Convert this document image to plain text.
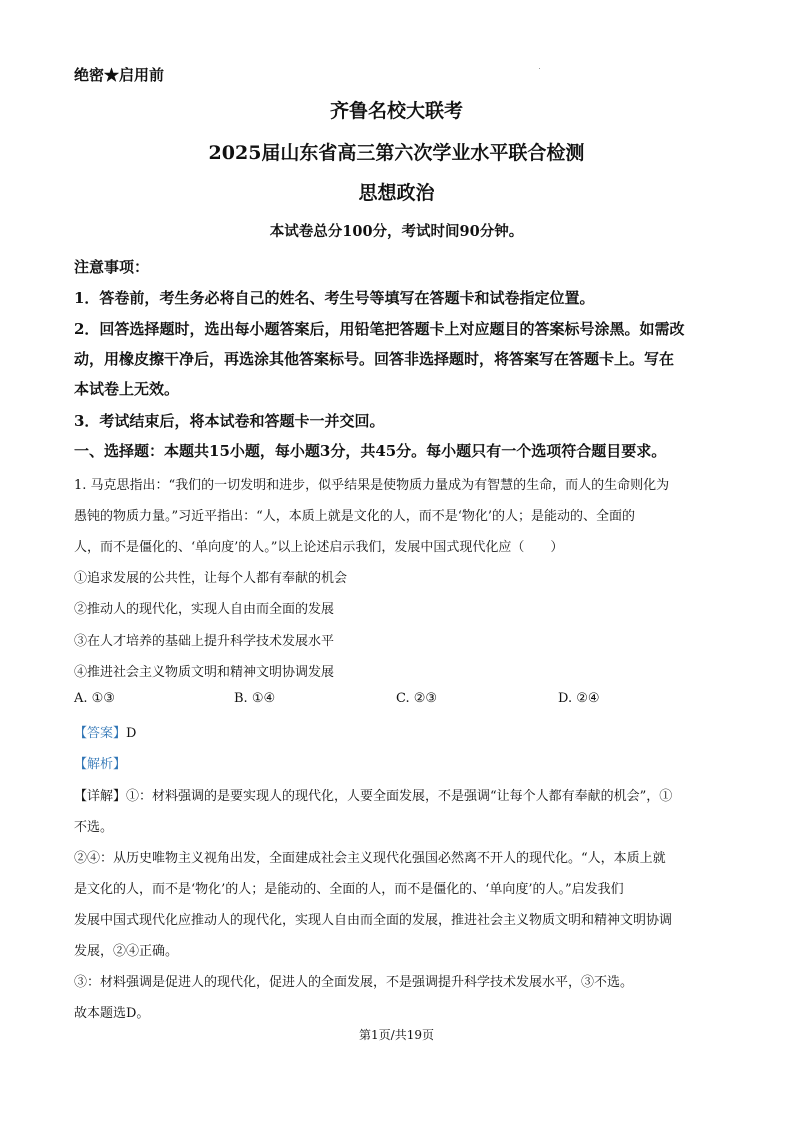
绝密★启用前
齐鲁名校大联考
2025届山东省高三第六次学业水平联合检测
思想政治
本试卷总分100分，考试时间90分钟。
注意事项：
1．答卷前，考生务必将自己的姓名、考生号等填写在答题卡和试卷指定位置。
2．回答选择题时，选出每小题答案后，用铅笔把答题卡上对应题目的答案标号涂黑。如需改
动，用橡皮擦干净后，再选涂其他答案标号。回答非选择题时，将答案写在答题卡上。写在
本试卷上无效。
3．考试结束后，将本试卷和答题卡一并交回。
一、选择题：本题共15小题，每小题3分，共45分。每小题只有一个选项符合题目要求。
1. 马克思指出：“我们的一切发明和进步，似乎结果是使物质力量成为有智慧的生命，而人的生命则化为
愚钝的物质力量。”习近平指出：“人，本质上就是文化的人，而不是‘物化’的人；是能动的、全面的
人，而不是僵化的、‘单向度’的人。”以上论述启示我们，发展中国式现代化应（　　）
①追求发展的公共性，让每个人都有奉献的机会
②推动人的现代化，实现人自由而全面的发展
③在人才培养的基础上提升科学技术发展水平
④推进社会主义物质文明和精神文明协调发展
A. ①③	B. ①④	C. ②③	D. ②④
【答案】D
【解析】
【详解】①：材料强调的是要实现人的现代化，人要全面发展，不是强调“让每个人都有奉献的机会”，①
不选。
②④：从历史唯物主义视角出发，全面建成社会主义现代化强国必然离不开人的现代化。“人，本质上就
是文化的人，而不是‘物化’的人；是能动的、全面的人，而不是僵化的、‘单向度’的人。”启发我们
发展中国式现代化应推动人的现代化，实现人自由而全面的发展，推进社会主义物质文明和精神文明协调
发展，②④正确。
③：材料强调是促进人的现代化，促进人的全面发展，不是强调提升科学技术发展水平，③不选。
故本题选D。
第1页/共19页
